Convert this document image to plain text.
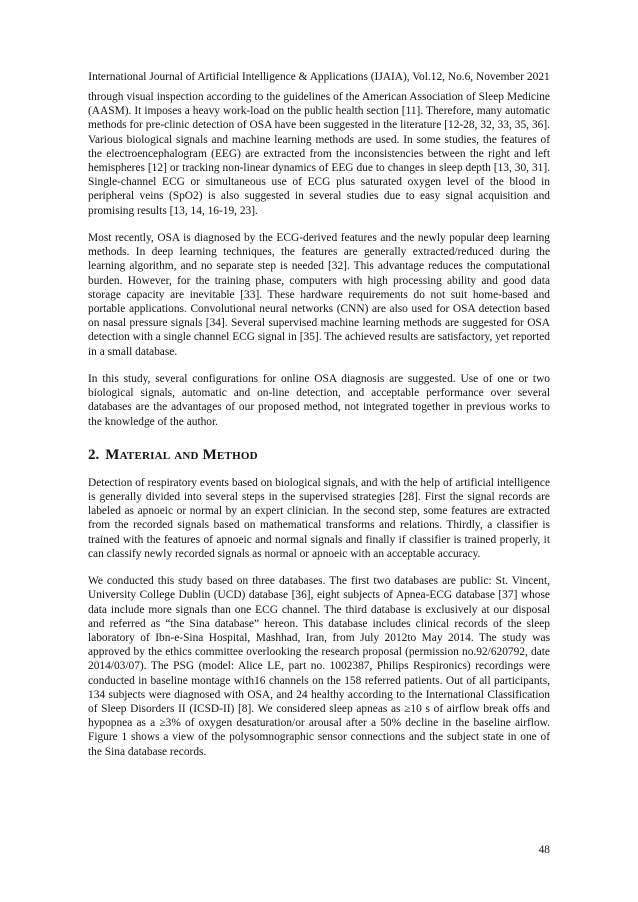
International Journal of Artificial Intelligence & Applications (IJAIA), Vol.12, No.6, November 2021

through visual inspection according to the guidelines of the American Association of Sleep Medicine (AASM). It imposes a heavy work-load on the public health section [11]. Therefore, many automatic methods for pre-clinic detection of OSA have been suggested in the literature [12-28, 32, 33, 35, 36]. Various biological signals and machine learning methods are used. In some studies, the features of the electroencephalogram (EEG) are extracted from the inconsistencies between the right and left hemispheres [12] or tracking non-linear dynamics of EEG due to changes in sleep depth [13, 30, 31]. Single-channel ECG or simultaneous use of ECG plus saturated oxygen level of the blood in peripheral veins (SpO2) is also suggested in several studies due to easy signal acquisition and promising results [13, 14, 16-19, 23].

Most recently, OSA is diagnosed by the ECG-derived features and the newly popular deep learning methods. In deep learning techniques, the features are generally extracted/reduced during the learning algorithm, and no separate step is needed [32]. This advantage reduces the computational burden. However, for the training phase, computers with high processing ability and good data storage capacity are inevitable [33]. These hardware requirements do not suit home-based and portable applications. Convolutional neural networks (CNN) are also used for OSA detection based on nasal pressure signals [34]. Several supervised machine learning methods are suggested for OSA detection with a single channel ECG signal in [35]. The achieved results are satisfactory, yet reported in a small database.

In this study, several configurations for online OSA diagnosis are suggested. Use of one or two biological signals, automatic and on-line detection, and acceptable performance over several databases are the advantages of our proposed method, not integrated together in previous works to the knowledge of the author.

2. Material and Method

Detection of respiratory events based on biological signals, and with the help of artificial intelligence is generally divided into several steps in the supervised strategies [28]. First the signal records are labeled as apnoeic or normal by an expert clinician. In the second step, some features are extracted from the recorded signals based on mathematical transforms and relations. Thirdly, a classifier is trained with the features of apnoeic and normal signals and finally if classifier is trained properly, it can classify newly recorded signals as normal or apnoeic with an acceptable accuracy.

We conducted this study based on three databases. The first two databases are public: St. Vincent, University College Dublin (UCD) database [36], eight subjects of Apnea-ECG database [37] whose data include more signals than one ECG channel. The third database is exclusively at our disposal and referred as “the Sina database” hereon. This database includes clinical records of the sleep laboratory of Ibn-e-Sina Hospital, Mashhad, Iran, from July 2012to May 2014. The study was approved by the ethics committee overlooking the research proposal (permission no.92/620792, date 2014/03/07). The PSG (model: Alice LE, part no. 1002387, Philips Respironics) recordings were conducted in baseline montage with16 channels on the 158 referred patients. Out of all participants, 134 subjects were diagnosed with OSA, and 24 healthy according to the International Classification of Sleep Disorders II (ICSD-II) [8]. We considered sleep apneas as ≥10 s of airflow break offs and hypopnea as a ≥3% of oxygen desaturation/or arousal after a 50% decline in the baseline airflow. Figure 1 shows a view of the polysomnographic sensor connections and the subject state in one of the Sina database records.

48
